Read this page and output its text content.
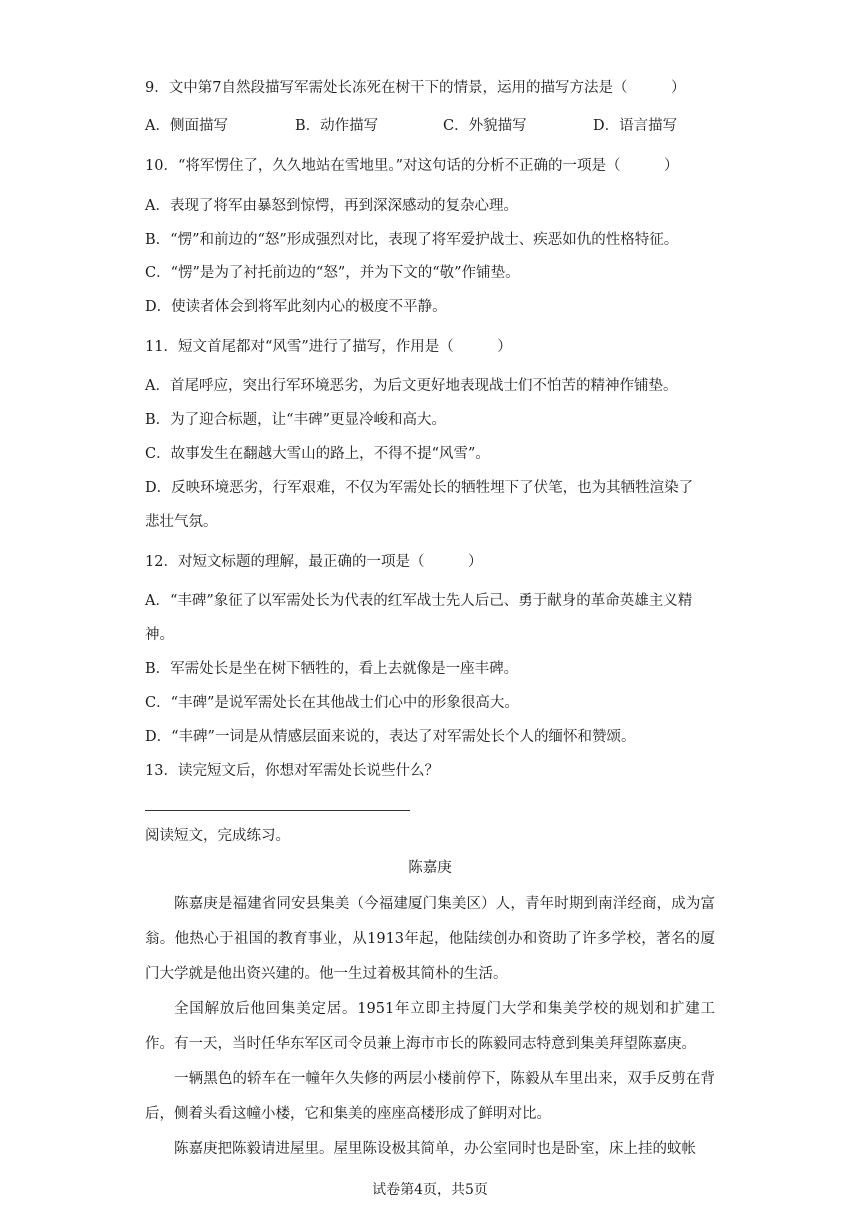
9．文中第7自然段描写军需处长冻死在树干下的情景，运用的描写方法是（　　　）
A．侧面描写	B．动作描写	C．外貌描写	D．语言描写
10．“将军愣住了，久久地站在雪地里。”对这句话的分析不正确的一项是（　　　）
A．表现了将军由暴怒到惊愕，再到深深感动的复杂心理。
B．“愣”和前边的“怒”形成强烈对比，表现了将军爱护战士、疾恶如仇的性格特征。
C．“愣”是为了衬托前边的“怒”，并为下文的“敬”作铺垫。
D．使读者体会到将军此刻内心的极度不平静。
11．短文首尾都对“风雪”进行了描写，作用是（　　　）
A．首尾呼应，突出行军环境恶劣，为后文更好地表现战士们不怕苦的精神作铺垫。
B．为了迎合标题，让“丰碑”更显冷峻和高大。
C．故事发生在翻越大雪山的路上，不得不提“风雪”。
D．反映环境恶劣，行军艰难，不仅为军需处长的牺牲埋下了伏笔，也为其牺牲渲染了
悲壮气氛。
12．对短文标题的理解，最正确的一项是（　　　）
A．“丰碑”象征了以军需处长为代表的红军战士先人后己、勇于献身的革命英雄主义精
神。
B．军需处长是坐在树下牺牲的，看上去就像是一座丰碑。
C．“丰碑”是说军需处长在其他战士们心中的形象很高大。
D．“丰碑”一词是从情感层面来说的，表达了对军需处长个人的缅怀和赞颂。
13．读完短文后，你想对军需处长说些什么？
阅读短文，完成练习。
陈嘉庚

陈嘉庚是福建省同安县集美（今福建厦门集美区）人，青年时期到南洋经商，成为富翁。他热心于祖国的教育事业，从1913年起，他陆续创办和资助了许多学校，著名的厦门大学就是他出资兴建的。他一生过着极其简朴的生活。

全国解放后他回集美定居。1951年立即主持厦门大学和集美学校的规划和扩建工作。有一天，当时任华东军区司令员兼上海市市长的陈毅同志特意到集美拜望陈嘉庚。

一辆黑色的轿车在一幢年久失修的两层小楼前停下，陈毅从车里出来，双手反剪在背后，侧着头看这幢小楼，它和集美的座座高楼形成了鲜明对比。

陈嘉庚把陈毅请进屋里。屋里陈设极其简单，办公室同时也是卧室，床上挂的蚊帐

试卷第4页，共5页
